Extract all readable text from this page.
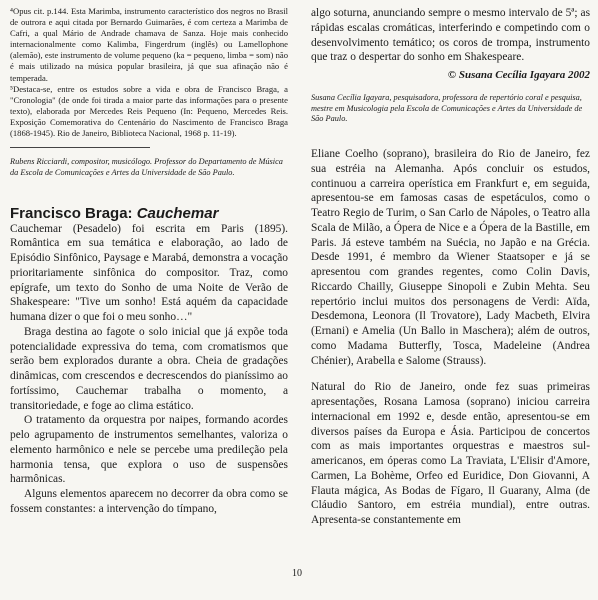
⁴Opus cit. p.144. Esta Marimba, instrumento característico dos negros no Brasil de outrora e aqui citada por Bernardo Guimarães, é com certeza a Marimba de Cafri, a qual Mário de Andrade chamava de Sanza. Hoje mais conhecido internacionalmente como Kalimba, Fingerdrum (inglês) ou Lamellophone (alemão), este instrumento de volume pequeno (ka = pequeno, limba = som) não é mais utilizado na música popular brasileira, já que sua afinação não é temperada.

⁵Destaca-se, entre os estudos sobre a vida e obra de Francisco Braga, a "Cronologia" (de onde foi tirada a maior parte das informações para o presente texto), elaborada por Mercedes Reis Pequeno (In: Pequeno, Mercedes Reis. Exposição Comemorativa do Centenário do Nascimento de Francisco Braga (1868-1945). Rio de Janeiro, Biblioteca Nacional, 1968 p. 11-19).

Rubens Ricciardi, compositor, musicólogo. Professor do Departamento de Música da Escola de Comunicações e Artes da Universidade de São Paulo.

Francisco Braga: Cauchemar

Cauchemar (Pesadelo) foi escrita em Paris (1895). Romântica em sua temática e elaboração, ao lado de Episódio Sinfônico, Paysage e Marabá, demonstra a vocação prioritariamente sinfônica do compositor. Traz, como epígrafe, um texto do Sonho de uma Noite de Verão de Shakespeare: "Tive um sonho! Está aquém da capacidade humana dizer o que foi o meu sonho…"

Braga destina ao fagote o solo inicial que já expõe toda potencialidade expressiva do tema, com cromatismos que serão bem explorados durante a obra. Cheia de gradações dinâmicas, com crescendos e decrescendos do pianíssimo ao fortíssimo, Cauchemar trabalha o momento, a transitoriedade, e foge ao clima estático.

O tratamento da orquestra por naipes, formando acordes pelo agrupamento de instrumentos semelhantes, valoriza o elemento harmônico e nele se percebe uma predileção pela harmonia tensa, que explora o uso de suspensões harmônicas.

Alguns elementos aparecem no decorrer da obra como se fossem constantes: a intervenção do tímpano,

algo soturna, anunciando sempre o mesmo intervalo de 5ª; as rápidas escalas cromáticas, interferindo e competindo com o desenvolvimento temático; os coros de trompa, instrumento que traz o despertar do sonho em Shakespeare.

© Susana Cecília Igayara 2002

Susana Cecília Igayara, pesquisadora, professora de repertório coral e pesquisa, mestre em Musicologia pela Escola de Comunicações e Artes da Universidade de São Paulo.

Eliane Coelho (soprano), brasileira do Rio de Janeiro, fez sua estréia na Alemanha. Após concluir os estudos, continuou a carreira operística em Frankfurt e, em seguida, apresentou-se em famosas casas de espetáculos, como o Teatro Regio de Turim, o San Carlo de Nápoles, o Teatro alla Scala de Milão, a Ópera de Nice e a Ópera de la Bastille, em Paris. Já esteve também na Suécia, no Japão e na Grécia. Desde 1991, é membro da Wiener Staatsoper e já se apresentou com grandes regentes, como Colin Davis, Riccardo Chailly, Giuseppe Sinopoli e Zubin Mehta. Seu repertório inclui muitos dos personagens de Verdi: Aïda, Desdemona, Leonora (Il Trovatore), Lady Macbeth, Elvira (Ernani) e Amelia (Un Ballo in Maschera); além de outros, como Madama Butterfly, Tosca, Madeleine (Andrea Chénier), Arabella e Salome (Strauss).

Natural do Rio de Janeiro, onde fez suas primeiras apresentações, Rosana Lamosa (soprano) iniciou carreira internacional em 1992 e, desde então, apresentou-se em diversos países da Europa e Ásia. Participou de concertos com as mais importantes orquestras e maestros sul-americanos, em óperas como La Traviata, L'Elisir d'Amore, Carmen, La Bohème, Orfeo ed Euridice, Don Giovanni, A Flauta mágica, As Bodas de Fígaro, Il Guarany, Alma (de Cláudio Santoro, em estréia mundial), entre outras. Apresenta-se constantemente em

10
